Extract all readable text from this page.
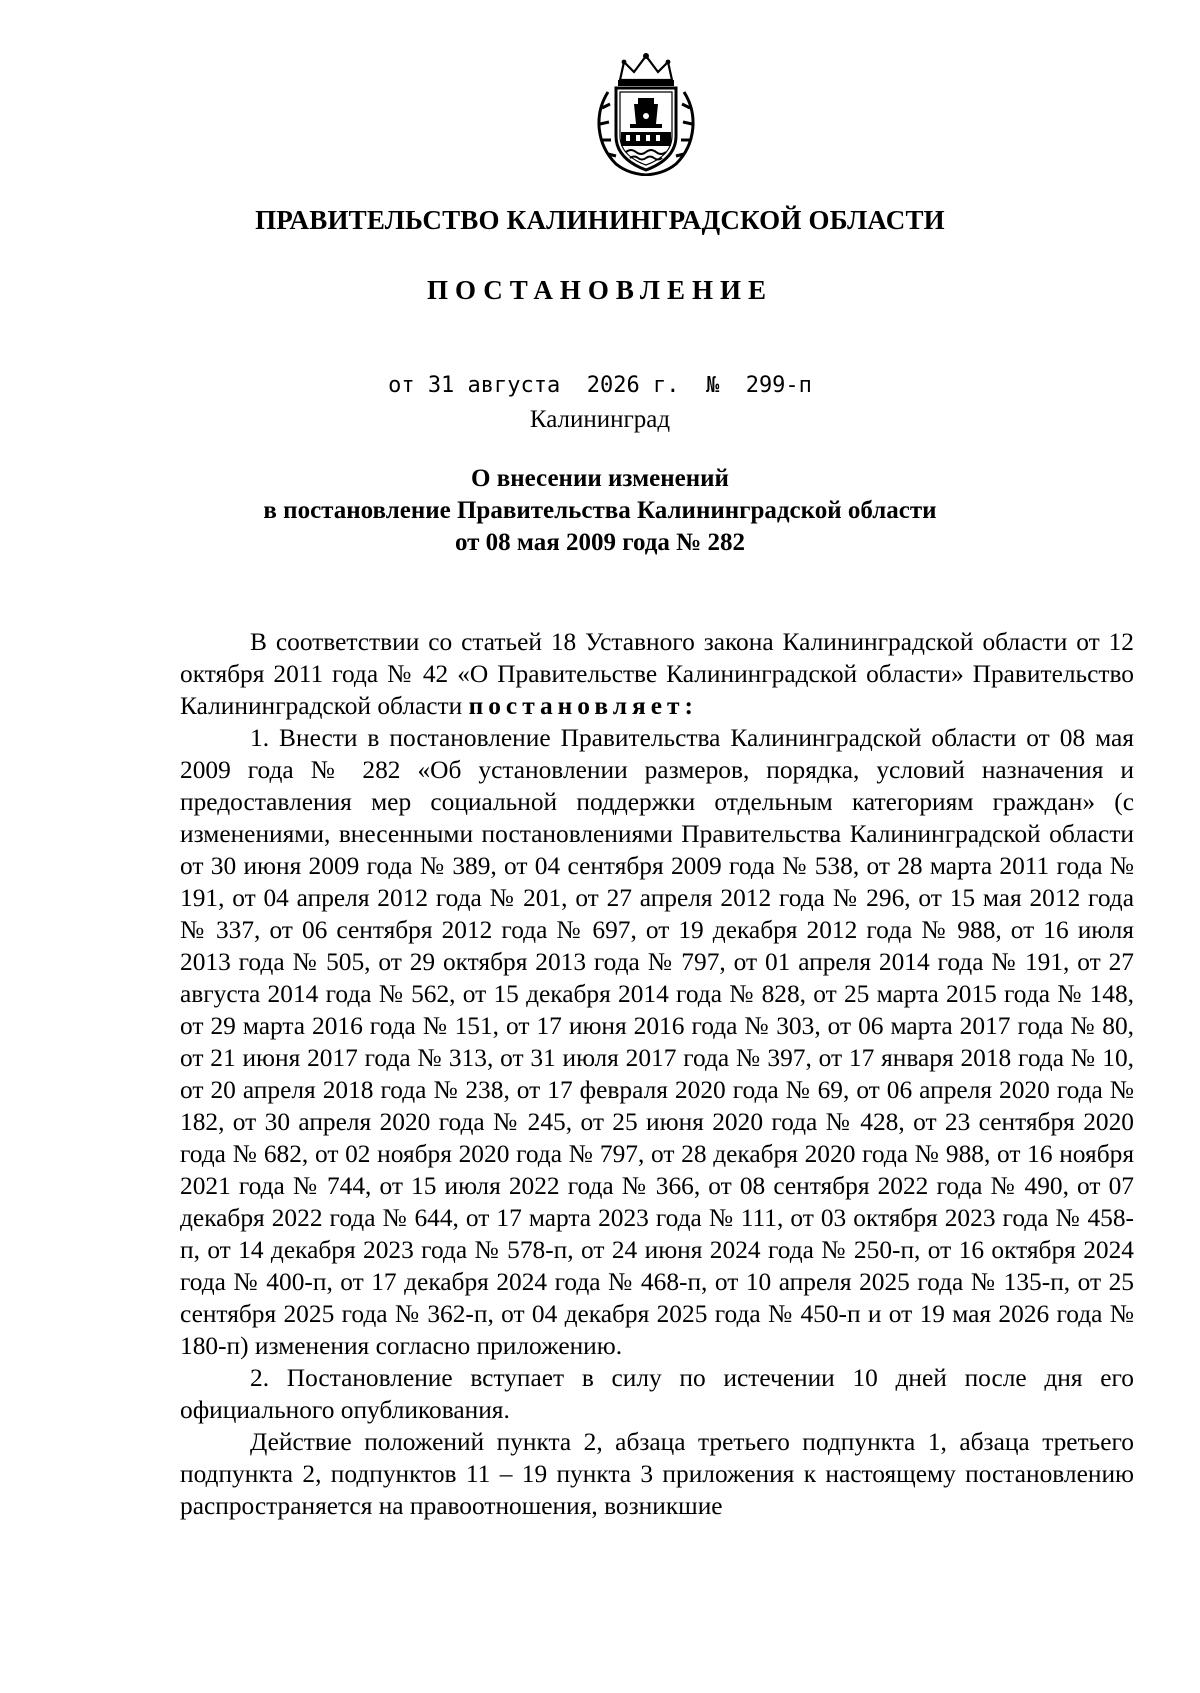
ПРАВИТЕЛЬСТВО КАЛИНИНГРАДСКОЙ ОБЛАСТИ
ПОСТАНОВЛЕНИЕ
от 31 августа  2026 г.  №  299-п
Калининград
О внесении изменений
в постановление Правительства Калининградской области
от 08 мая 2009 года № 282

В соответствии со статьей 18 Уставного закона Калининградской области от 12 октября 2011 года № 42 «О Правительстве Калининградской области» Правительство Калининградской области постановляет:

1. Внести в постановление Правительства Калининградской области от 08 мая 2009 года № 282 «Об установлении размеров, порядка, условий назначения и предоставления мер социальной поддержки отдельным категориям граждан» (с изменениями, внесенными постановлениями Правительства Калининградской области от 30 июня 2009 года № 389, от 04 сентября 2009 года № 538, от 28 марта 2011 года № 191, от 04 апреля 2012 года № 201, от 27 апреля 2012 года № 296, от 15 мая 2012 года № 337, от 06 сентября 2012 года № 697, от 19 декабря 2012 года № 988, от 16 июля 2013 года № 505, от 29 октября 2013 года № 797, от 01 апреля 2014 года № 191, от 27 августа 2014 года № 562, от 15 декабря 2014 года № 828, от 25 марта 2015 года № 148, от 29 марта 2016 года № 151, от 17 июня 2016 года № 303, от 06 марта 2017 года № 80, от 21 июня 2017 года № 313, от 31 июля 2017 года № 397, от 17 января 2018 года № 10, от 20 апреля 2018 года № 238, от 17 февраля 2020 года № 69, от 06 апреля 2020 года № 182, от 30 апреля 2020 года № 245, от 25 июня 2020 года № 428, от 23 сентября 2020 года № 682, от 02 ноября 2020 года № 797, от 28 декабря 2020 года № 988, от 16 ноября 2021 года № 744, от 15 июля 2022 года № 366, от 08 сентября 2022 года № 490, от 07 декабря 2022 года № 644, от 17 марта 2023 года № 111, от 03 октября 2023 года № 458-п, от 14 декабря 2023 года № 578-п, от 24 июня 2024 года № 250-п, от 16 октября 2024 года № 400-п, от 17 декабря 2024 года № 468-п, от 10 апреля 2025 года № 135-п, от 25 сентября 2025 года № 362-п, от 04 декабря 2025 года № 450-п и от 19 мая 2026 года № 180-п) изменения согласно приложению.

2. Постановление вступает в силу по истечении 10 дней после дня его официального опубликования.

Действие положений пункта 2, абзаца третьего подпункта 1, абзаца третьего подпункта 2, подпунктов 11 – 19 пункта 3 приложения к настоящему постановлению распространяется на правоотношения, возникшие
